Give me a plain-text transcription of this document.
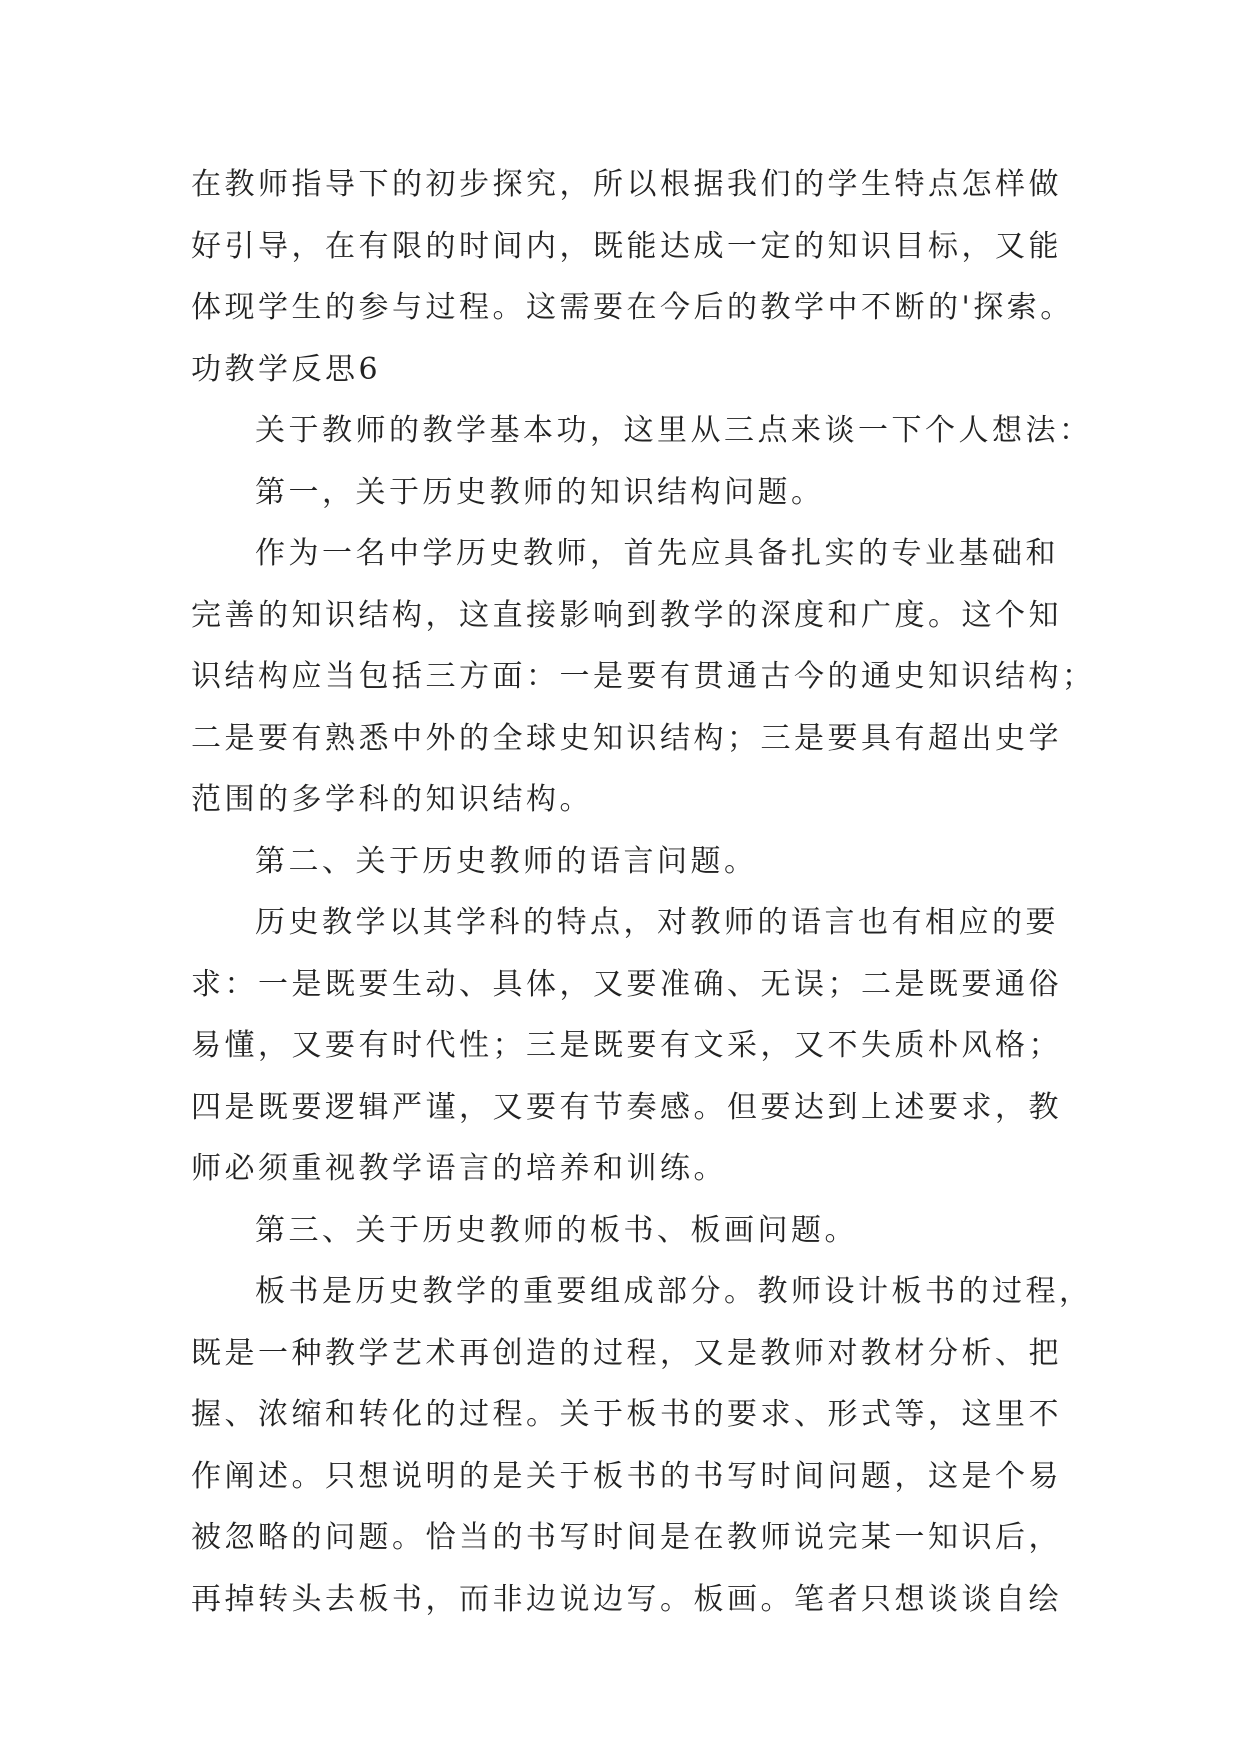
在教师指导下的初步探究，所以根据我们的学生特点怎样做
好引导，在有限的时间内，既能达成一定的知识目标，又能
体现学生的参与过程。这需要在今后的教学中不断的'探索。
功教学反思6
关于教师的教学基本功，这里从三点来谈一下个人想法：
第一，关于历史教师的知识结构问题。
作为一名中学历史教师，首先应具备扎实的专业基础和
完善的知识结构，这直接影响到教学的深度和广度。这个知
识结构应当包括三方面：一是要有贯通古今的通史知识结构；
二是要有熟悉中外的全球史知识结构；三是要具有超出史学
范围的多学科的知识结构。
第二、关于历史教师的语言问题。
历史教学以其学科的特点，对教师的语言也有相应的要
求：一是既要生动、具体，又要准确、无误；二是既要通俗
易懂，又要有时代性；三是既要有文采，又不失质朴风格；
四是既要逻辑严谨，又要有节奏感。但要达到上述要求，教
师必须重视教学语言的培养和训练。
第三、关于历史教师的板书、板画问题。
板书是历史教学的重要组成部分。教师设计板书的过程，
既是一种教学艺术再创造的过程，又是教师对教材分析、把
握、浓缩和转化的过程。关于板书的要求、形式等，这里不
作阐述。只想说明的是关于板书的书写时间问题，这是个易
被忽略的问题。恰当的书写时间是在教师说完某一知识后，
再掉转头去板书，而非边说边写。板画。笔者只想谈谈自绘
